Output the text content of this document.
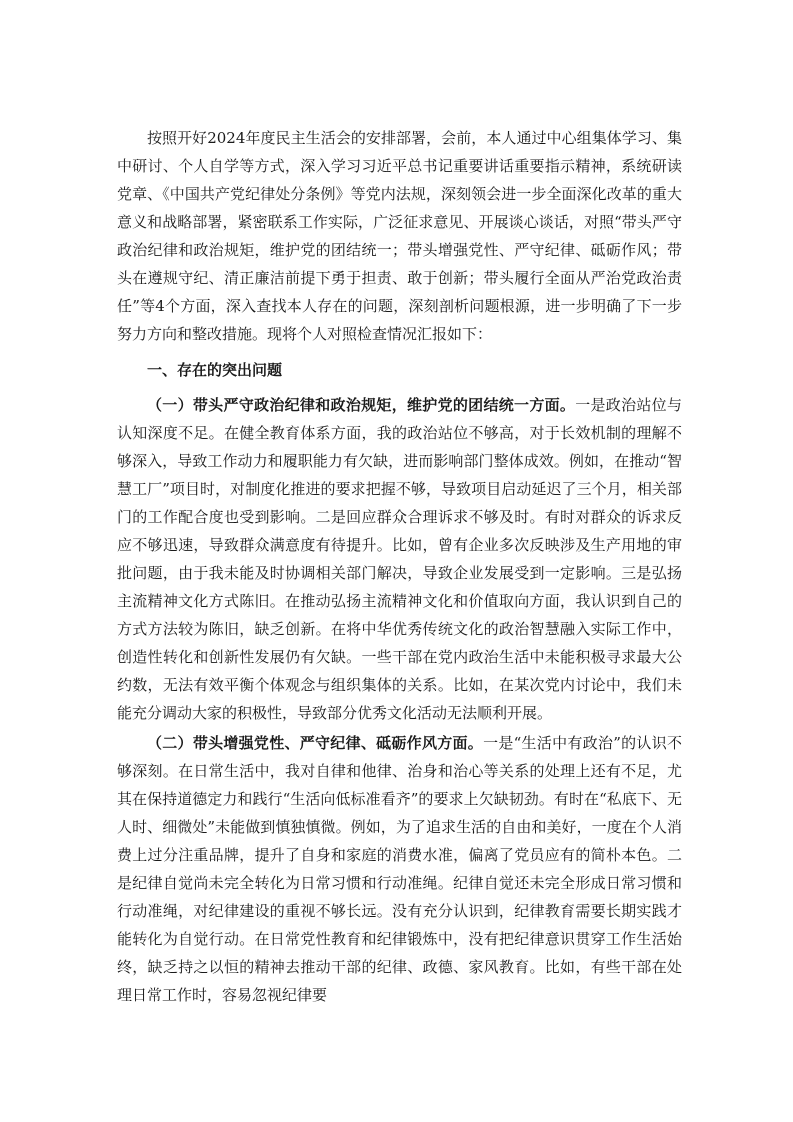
按照开好2024年度民主生活会的安排部署，会前，本人通过中心组集体学习、集中研讨、个人自学等方式，深入学习习近平总书记重要讲话重要指示精神，系统研读党章、《中国共产党纪律处分条例》等党内法规，深刻领会进一步全面深化改革的重大意义和战略部署，紧密联系工作实际，广泛征求意见、开展谈心谈话，对照“带头严守政治纪律和政治规矩，维护党的团结统一；带头增强党性、严守纪律、砥砺作风；带头在遵规守纪、清正廉洁前提下勇于担责、敢于创新；带头履行全面从严治党政治责任”等4个方面，深入查找本人存在的问题，深刻剖析问题根源，进一步明确了下一步努力方向和整改措施。现将个人对照检查情况汇报如下：

一、存在的突出问题

（一）带头严守政治纪律和政治规矩，维护党的团结统一方面。一是政治站位与认知深度不足。在健全教育体系方面，我的政治站位不够高，对于长效机制的理解不够深入，导致工作动力和履职能力有欠缺，进而影响部门整体成效。例如，在推动“智慧工厂”项目时，对制度化推进的要求把握不够，导致项目启动延迟了三个月，相关部门的工作配合度也受到影响。二是回应群众合理诉求不够及时。有时对群众的诉求反应不够迅速，导致群众满意度有待提升。比如，曾有企业多次反映涉及生产用地的审批问题，由于我未能及时协调相关部门解决，导致企业发展受到一定影响。三是弘扬主流精神文化方式陈旧。在推动弘扬主流精神文化和价值取向方面，我认识到自己的方式方法较为陈旧，缺乏创新。在将中华优秀传统文化的政治智慧融入实际工作中，创造性转化和创新性发展仍有欠缺。一些干部在党内政治生活中未能积极寻求最大公约数，无法有效平衡个体观念与组织集体的关系。比如，在某次党内讨论中，我们未能充分调动大家的积极性，导致部分优秀文化活动无法顺利开展。

（二）带头增强党性、严守纪律、砥砺作风方面。一是“生活中有政治”的认识不够深刻。在日常生活中，我对自律和他律、治身和治心等关系的处理上还有不足，尤其在保持道德定力和践行“生活向低标准看齐”的要求上欠缺韧劲。有时在“私底下、无人时、细微处”未能做到慎独慎微。例如，为了追求生活的自由和美好，一度在个人消费上过分注重品牌，提升了自身和家庭的消费水准，偏离了党员应有的简朴本色。二是纪律自觉尚未完全转化为日常习惯和行动准绳。纪律自觉还未完全形成日常习惯和行动准绳，对纪律建设的重视不够长远。没有充分认识到，纪律教育需要长期实践才能转化为自觉行动。在日常党性教育和纪律锻炼中，没有把纪律意识贯穿工作生活始终，缺乏持之以恒的精神去推动干部的纪律、政德、家风教育。比如，有些干部在处理日常工作时，容易忽视纪律要
